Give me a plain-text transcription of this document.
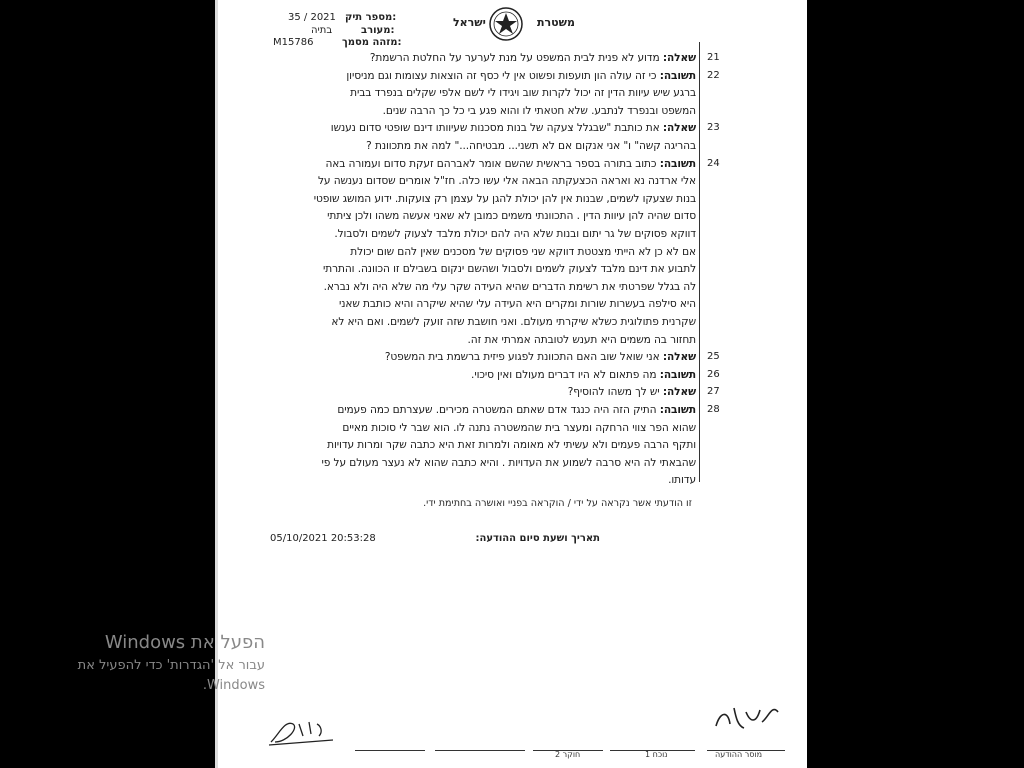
משטרת
ישראל
מספר תיק:
35 / 2021
מעורב:
בתיה
מזהה מסמך:
M15786
שאלה: מדוע לא פנית לבית המשפט על מנת לערער על החלטת הרשמת?	21
תשובה: כי זה עולה הון תועפות ופשוט אין לי כסף זה הוצאות עצומות וגם מניסיון	22
ברגע שיש עיוות הדין זה יכול לקרות שוב ויגידו לי לשם אלפי שקלים בנפרד בבית
המשפט ובנפרד לנתבע. שלא חטאתי לו והוא פגע בי כל כך הרבה שנים.
שאלה: את כותבת "שבגלל צעקה של בנות מסכנות שעיוותו דינם שופטי סדום נענשו	23
בהריגה קשה" ו" אני אנקום אם לא תשני... מבטיחה..." למה את מתכוונת ?
תשובה: כתוב בתורה בספר בראשית שהשם אומר לאברהם זעקת סדום ועמורה באה	24
אלי ארדנה נא ואראה הכצעקתה הבאה אלי עשו כלה. חז"ל אומרים שסדום נענשה על
בנות שצעקו לשמים, שבנות אין להן יכולת להגן על עצמן רק צועקות. ידוע המושג שופטי
סדום שהיה להן עיוות הדין . התכוונתי משמים כמובן לא שאני אעשה משהו ולכן ציתתי
דווקא פסוקים של גר יתום ובנות שלא היה להם יכולת מלבד לצעוק לשמים ולסבול.
אם לא כן לא הייתי מצטטת דווקא שני פסוקים של מסכנים שאין להם שום יכולת
לתבוע את דינם מלבד לצעוק לשמים ולסבול ושהשם ינקום בשבילם זו הכוונה. והתרתי
לה בגלל שפרטתי את רשימת הדברים שהיא העידה שקר עלי מה שלא היה ולא נברא.
היא סילפה בעשרות שורות ומקרים היא העידה עלי שהיא שיקרה והיא כותבת שאני
שקרנית פתולוגית כשלא שיקרתי מעולם. ואני חושבת שזה זועק לשמים. ואם היא לא
תחזור בה משמים היא תענש לטובתה אמרתי את זה.
שאלה: אני שואל שוב האם התכוונת לפגוע פיזית ברשמת בית המשפט?	25
תשובה: מה פתאום לא היו דברים מעולם ואין סיכוי.	26
שאלה: יש לך משהו להוסיף?	27
תשובה: התיק הזה היה כנגד אדם שאתם המשטרה מכירים. שעצרתם כמה פעמים	28
שהוא הפר צווי הרחקה ומעצר בית שהמשטרה נתנה לו. הוא שבר לי סוכות מאיים
ותקף הרבה פעמים ולא עשיתי לא מאומה ולמרות זאת היא כתבה שקר ומרות עדויות
שהבאתי לה היא סרבה לשמוע את העדויות . והיא כתבה שהוא לא נעצר מעולם על פי
עדותו.
זו הודעתי אשר נקראה על ידי / הוקראה בפניי ואושרה בחתימת ידי.
05/10/2021 20:53:28	תאריך ושעת סיום ההודעה:
מוסר ההודעה
נוכח 1
חוקר 2
הפעל את Windows
עבור אל 'הגדרות' כדי להפעיל את
Windows.
